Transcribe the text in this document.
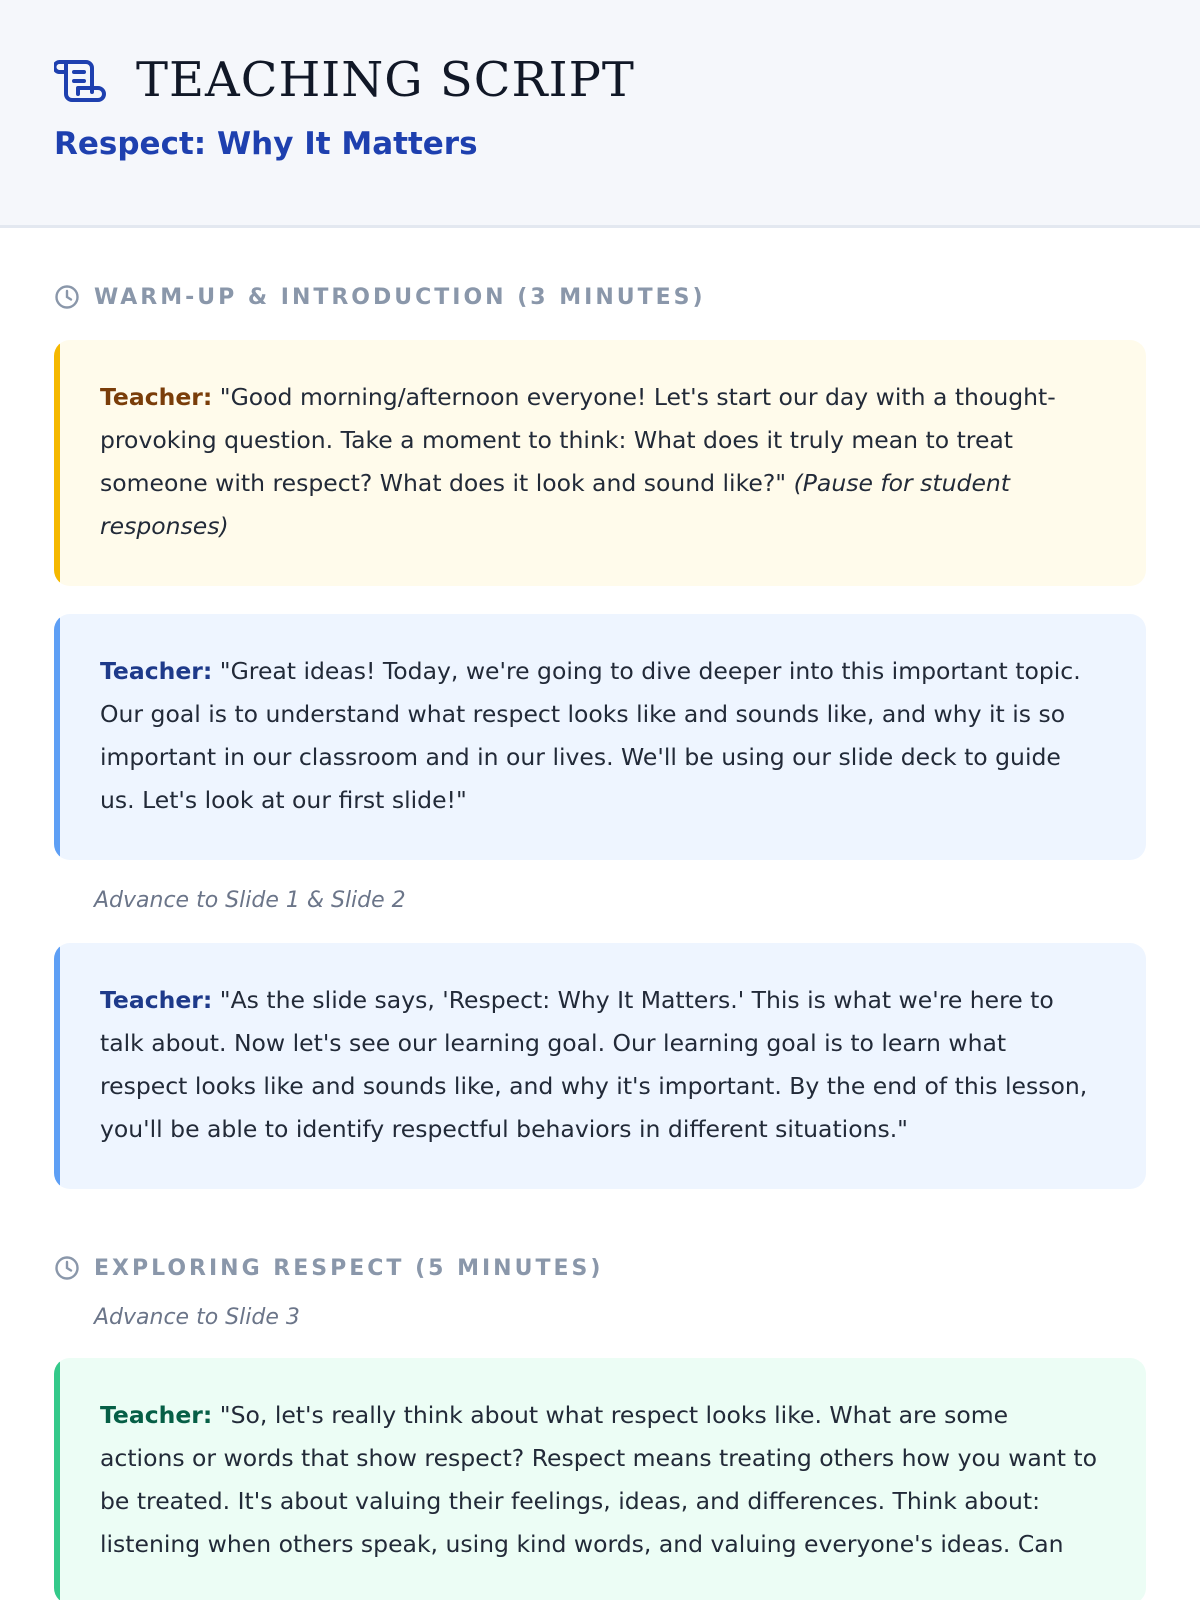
TEACHING SCRIPT
Respect: Why It Matters
WARM-UP & INTRODUCTION (3 MINUTES)
Teacher: "Good morning/afternoon everyone! Let's start our day with a thought-provoking question. Take a moment to think: What does it truly mean to treat someone with respect? What does it look and sound like?" (Pause for student responses)
Teacher: "Great ideas! Today, we're going to dive deeper into this important topic. Our goal is to understand what respect looks like and sounds like, and why it is so important in our classroom and in our lives. We'll be using our slide deck to guide us. Let's look at our first slide!"
Advance to Slide 1 & Slide 2
Teacher: "As the slide says, 'Respect: Why It Matters.' This is what we're here to talk about. Now let's see our learning goal. Our learning goal is to learn what respect looks like and sounds like, and why it's important. By the end of this lesson, you'll be able to identify respectful behaviors in different situations."
EXPLORING RESPECT (5 MINUTES)
Advance to Slide 3
Teacher: "So, let's really think about what respect looks like. What are some actions or words that show respect? Respect means treating others how you want to be treated. It's about valuing their feelings, ideas, and differences. Think about: listening when others speak, using kind words, and valuing everyone's ideas. Can
